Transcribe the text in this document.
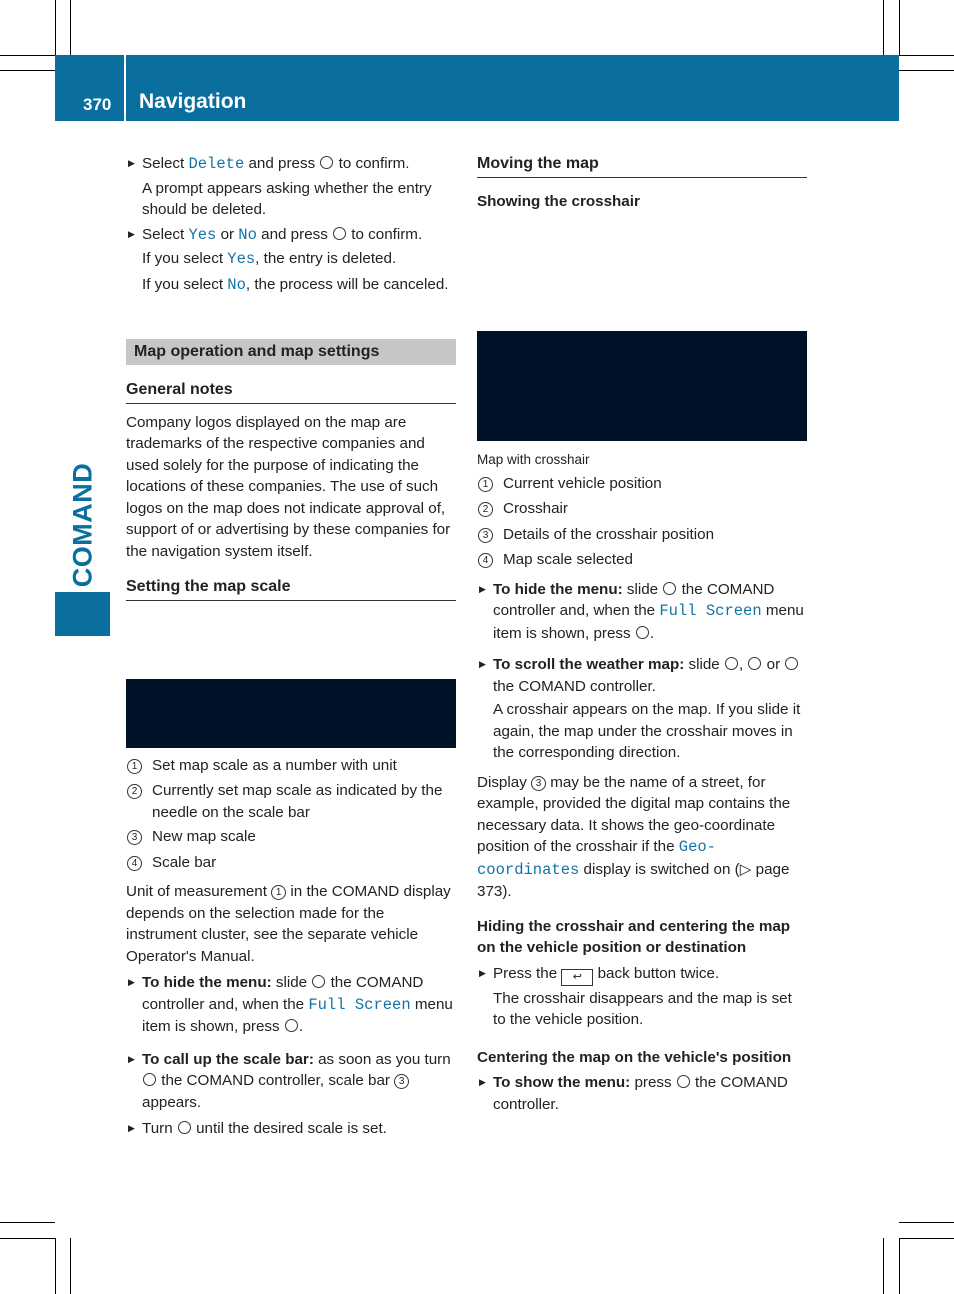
370 Navigation
COMAND

▶ Select Delete and press  to confirm.

A prompt appears asking whether the entry should be deleted.

▶ Select Yes or No and press  to confirm.

If you select Yes, the entry is deleted.

If you select No, the process will be canceled.

Map operation and map settings
General notes

Company logos displayed on the map are trademarks of the respective companies and used solely for the purpose of indicating the locations of these companies. The use of such logos on the map does not indicate approval of, support of or advertising by these companies for the navigation system itself.

Setting the map scale
1 Set map scale as a number with unit
2 Currently set map scale as indicated by the needle on the scale bar
3 New map scale
4 Scale bar

Unit of measurement 1 in the COMAND display depends on the selection made for the instrument cluster, see the separate vehicle Operator's Manual.

▶ To hide the menu: slide  the COMAND controller and, when the Full Screen menu item is shown, press .

▶ To call up the scale bar: as soon as you turn  the COMAND controller, scale bar 3 appears.

▶ Turn  until the desired scale is set.

Moving the map
Showing the crosshair
Map with crosshair
1 Current vehicle position
2 Crosshair
3 Details of the crosshair position
4 Map scale selected

▶ To hide the menu: slide  the COMAND controller and, when the Full Screen menu item is shown, press .

▶ To scroll the weather map: slide ,  or  the COMAND controller.

A crosshair appears on the map. If you slide it again, the map under the crosshair moves in the corresponding direction.

Display 3 may be the name of a street, for example, provided the digital map contains the necessary data. It shows the geo-coordinate position of the crosshair if the Geo-coordinates display is switched on (▷ page 373).

Hiding the crosshair and centering the map on the vehicle position or destination

▶ Press the ↩ back button twice.

The crosshair disappears and the map is set to the vehicle position.

Centering the map on the vehicle's position

▶ To show the menu: press  the COMAND controller.
